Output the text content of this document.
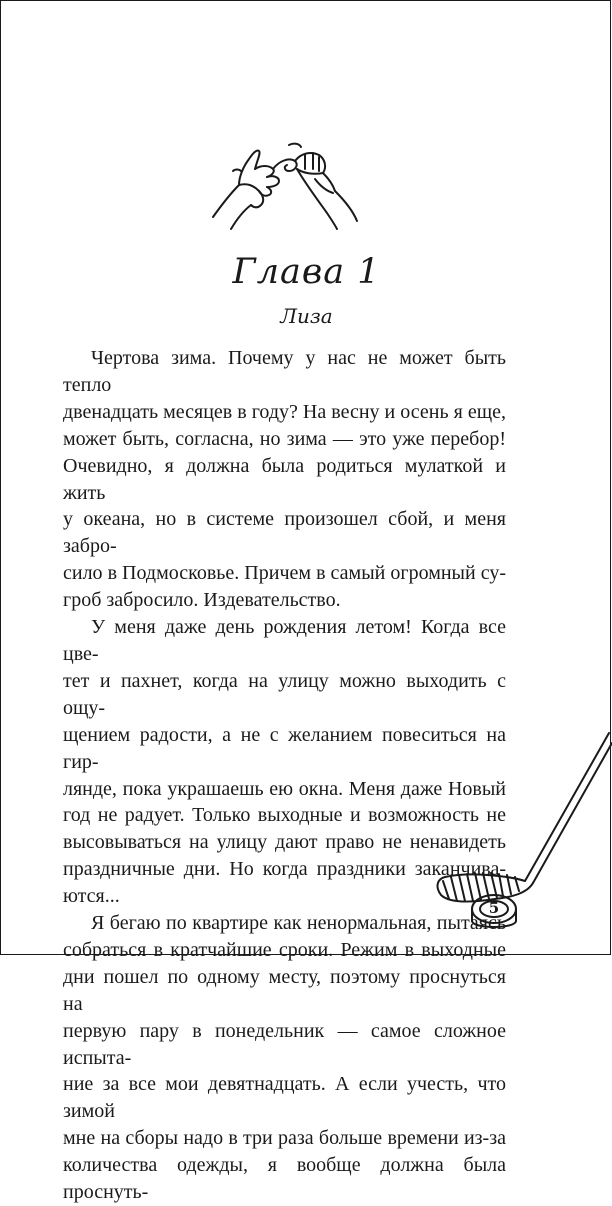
Глава 1
Лиза

Чертова зима. Почему у нас не может быть тепло
двенадцать месяцев в году? На весну и осень я еще,
может быть, согласна, но зима — это уже перебор!
Очевидно, я должна была родиться мулаткой и жить
у океана, но в системе произошел сбой, и меня забро-
сило в Подмосковье. Причем в самый огромный су-
гроб забросило. Издевательство.

У меня даже день рождения летом! Когда все цве-
тет и пахнет, когда на улицу можно выходить с ощу-
щением радости, а не с желанием повеситься на гир-
лянде, пока украшаешь ею окна. Меня даже Новый
год не радует. Только выходные и возможность не
высовываться на улицу дают право не ненавидеть
праздничные дни. Но когда праздники заканчива-
ются...

Я бегаю по квартире как ненормальная, пытаясь
собраться в кратчайшие сроки. Режим в выходные
дни пошел по одному месту, поэтому проснуться на
первую пару в понедельник — самое сложное испыта-
ние за все мои девятнадцать. А если учесть, что зимой
мне на сборы надо в три раза больше времени из-за
количества одежды, я вообще должна была проснуть-

5
